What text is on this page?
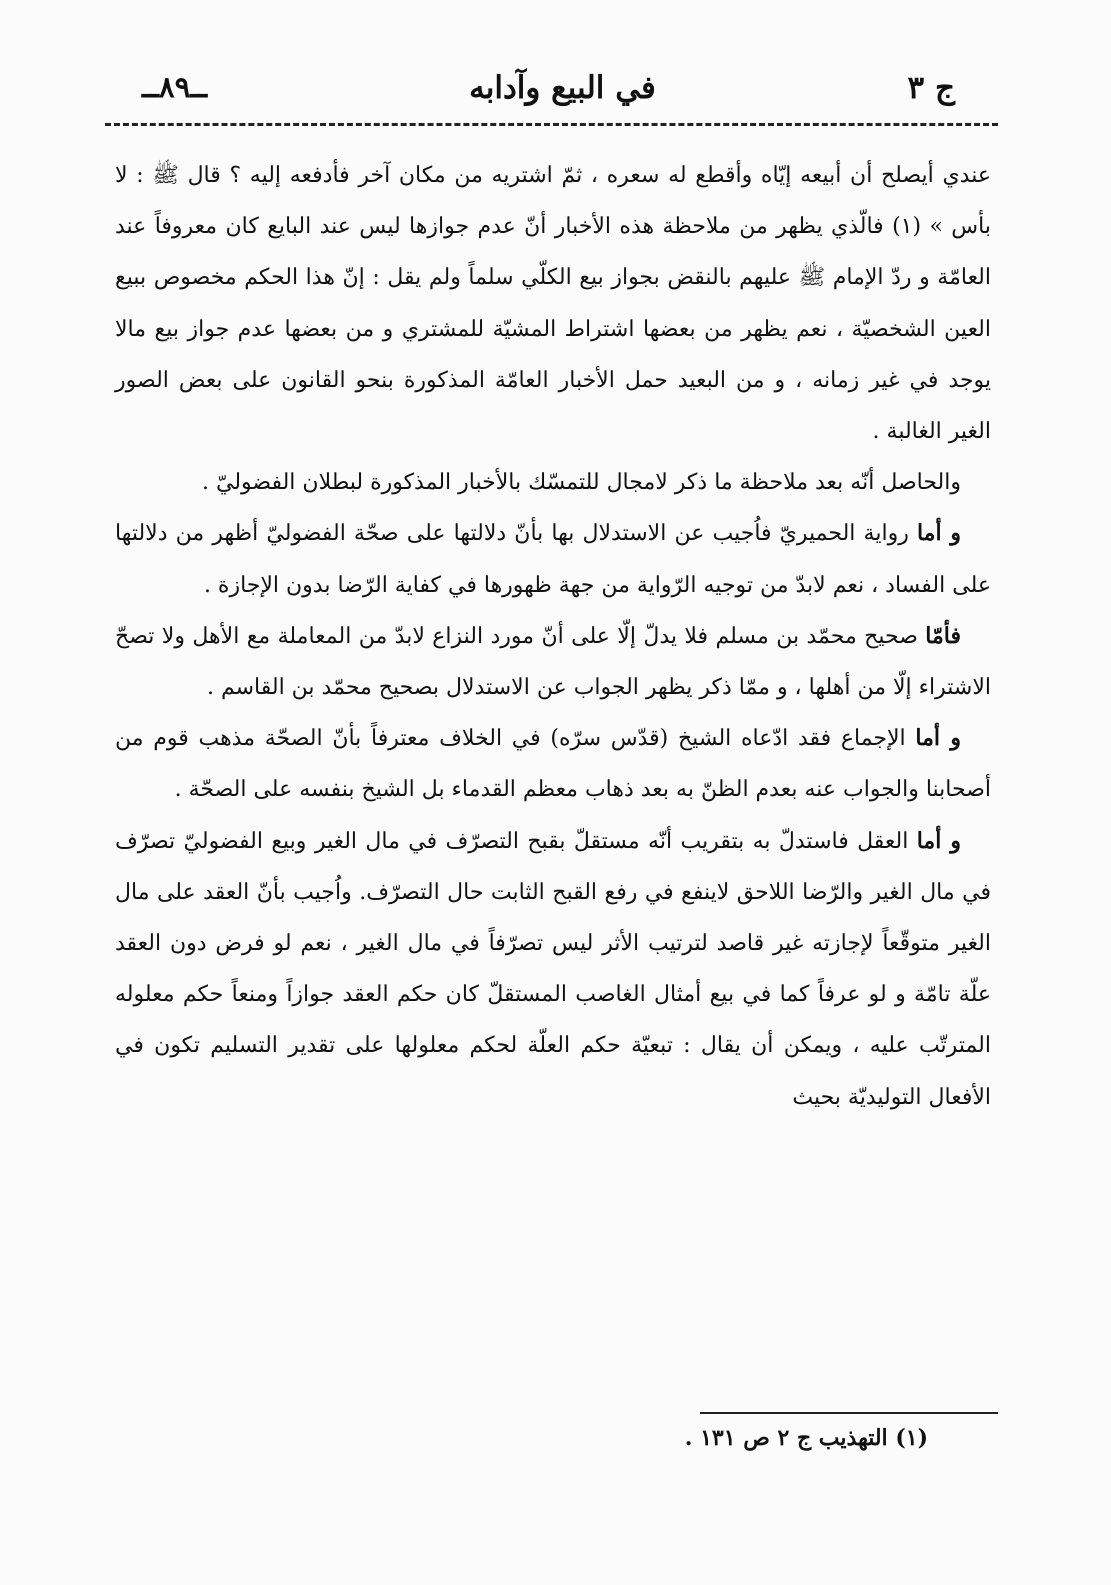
ج ٣
في البيع وآدابه
ــ٨٩ــ

عندي أيصلح أن أبيعه إيّاه وأقطع له سعره ، ثمّ اشتريه من مكان آخر فأدفعه إليه ؟ قال ﷺ : لا بأس » (١) فالّذي يظهر من ملاحظة هذه الأخبار أنّ عدم جوازها ليس عند البايع كان معروفاً عند العامّة و ردّ الإمام ﷺ عليهم بالنقض بجواز بيع الكلّي سلماً ولم يقل : إنّ هذا الحكم مخصوص ببيع العين الشخصيّة ، نعم يظهر من بعضها اشتراط المشيّة للمشتري و من بعضها عدم جواز بيع مالا يوجد في غير زمانه ، و من البعيد حمل الأخبار العامّة المذكورة بنحو القانون على بعض الصور الغير الغالبة .

والحاصل أنّه بعد ملاحظة ما ذكر لامجال للتمسّك بالأخبار المذكورة لبطلان الفضوليّ .

و أما رواية الحميريّ فاُجيب عن الاستدلال بها بأنّ دلالتها على صحّة الفضوليّ أظهر من دلالتها على الفساد ، نعم لابدّ من توجيه الرّواية من جهة ظهورها في كفاية الرّضا بدون الإجازة .

فأمّا صحيح محمّد بن مسلم فلا يدلّ إلّا على أنّ مورد النزاع لابدّ من المعاملة مع الأهل ولا تصحّ الاشتراء إلّا من أهلها ، و ممّا ذكر يظهر الجواب عن الاستدلال بصحيح محمّد بن القاسم .

و أما الإجماع فقد ادّعاه الشيخ (قدّس سرّه) في الخلاف معترفاً بأنّ الصحّة مذهب قوم من أصحابنا والجواب عنه بعدم الظنّ به بعد ذهاب معظم القدماء بل الشيخ بنفسه على الصحّة .

و أما العقل فاستدلّ به بتقريب أنّه مستقلّ بقبح التصرّف في مال الغير وبيع الفضوليّ تصرّف في مال الغير والرّضا اللاحق لاينفع في رفع القبح الثابت حال التصرّف. واُجيب بأنّ العقد على مال الغير متوقّعاً لإجازته غير قاصد لترتيب الأثر ليس تصرّفاً في مال الغير ، نعم لو فرض دون العقد علّة تامّة و لو عرفاً كما في بيع أمثال الغاصب المستقلّ كان حكم العقد جوازاً ومنعاً حكم معلوله المترتّب عليه ، ويمكن أن يقال : تبعيّة حكم العلّة لحكم معلولها على تقدير التسليم تكون في الأفعال التوليديّة بحيث

(١) التهذيب ج ٢ ص ١٣١ .
